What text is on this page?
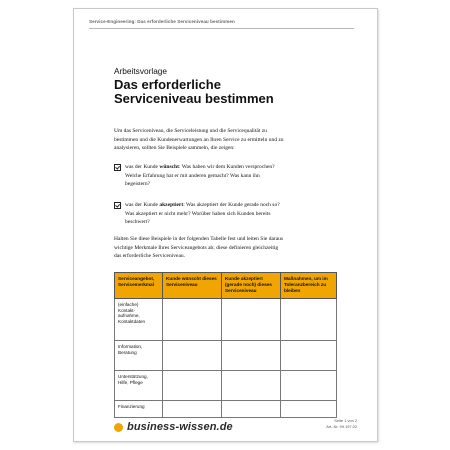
Service-Engineering: Das erforderliche Serviceniveau bestimmen
Arbeitsvorlage
Das erforderliche
Serviceniveau bestimmen
Um das Serviceniveau, die Serviceleistung und die Servicequalität zu
bestimmen und die Kundenerwartungen an Ihren Service zu ermitteln und zu
analysieren, sollten Sie Beispiele sammeln, die zeigen:
was der Kunde wünscht: Was haben wir dem Kunden versprochen?
Welche Erfahrung hat er mit anderen gemacht? Was kann ihn
begeistern?
was der Kunde akzeptiert: Was akzeptiert der Kunde gerade noch so?
Was akzeptiert er nicht mehr? Worüber haben sich Kunden bereits
beschwert?
Halten Sie diese Beispiele in der folgenden Tabelle fest und leiten Sie daraus
wichtige Merkmale Ihres Serviceangebots ab; diese definieren gleichzeitig
das erforderliche Serviceniveau.
Serviceangebot, Servicemerkmal	Kunde wünscht dieses Serviceniveau	Kunde akzeptiert (gerade noch) dieses Serviceniveau	Maßnahmen, um im Toleranzbereich zu bleiben

(einfache)
Kontakt-
aufnahme,
Kontaktdaten			

Information,
Beratung			

Unterstützung,
Hilfe, Pflege			

Finanzierung			

business-wissen.de
Seite 1 von 2
Art.-Nr. 99.197.02
